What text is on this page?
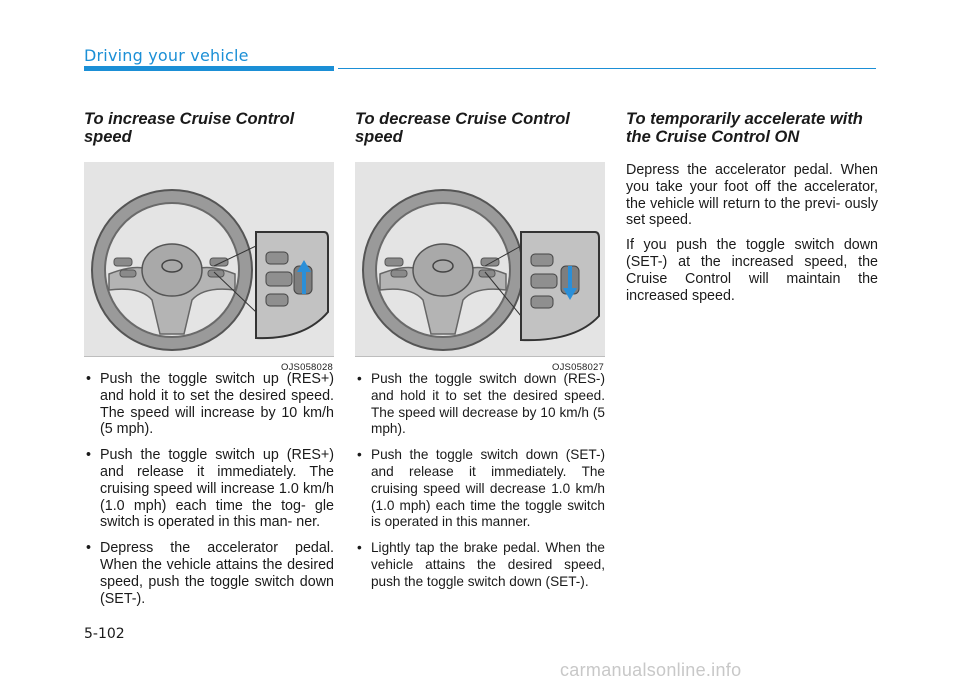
Driving your vehicle
To increase Cruise Control speed
OJS058028
• Push the toggle switch up (RES+) and hold it to set the desired speed. The speed will increase by 10 km/h (5 mph).
• Push the toggle switch up (RES+) and release it immediately. The cruising speed will increase 1.0 km/h (1.0 mph) each time the tog- gle switch is operated in this man- ner.
• Depress the accelerator pedal. When the vehicle attains the desired speed, push the toggle switch down (SET-).
To decrease Cruise Control speed
OJS058027
• Push the toggle switch down (RES-) and hold it to set the desired speed. The speed will decrease by 10 km/h (5 mph).
• Push the toggle switch down (SET-) and release it immediately. The cruising speed will decrease 1.0 km/h (1.0 mph) each time the toggle switch is operated in this manner.
• Lightly tap the brake pedal. When the vehicle attains the desired speed, push the toggle switch down (SET-).
To temporarily accelerate with the Cruise Control ON

Depress the accelerator pedal. When you take your foot off the accelerator, the vehicle will return to the previ- ously set speed.

If you push the toggle switch down (SET-) at the increased speed, the Cruise Control will maintain the increased speed.

5-102
carmanualsonline.info
